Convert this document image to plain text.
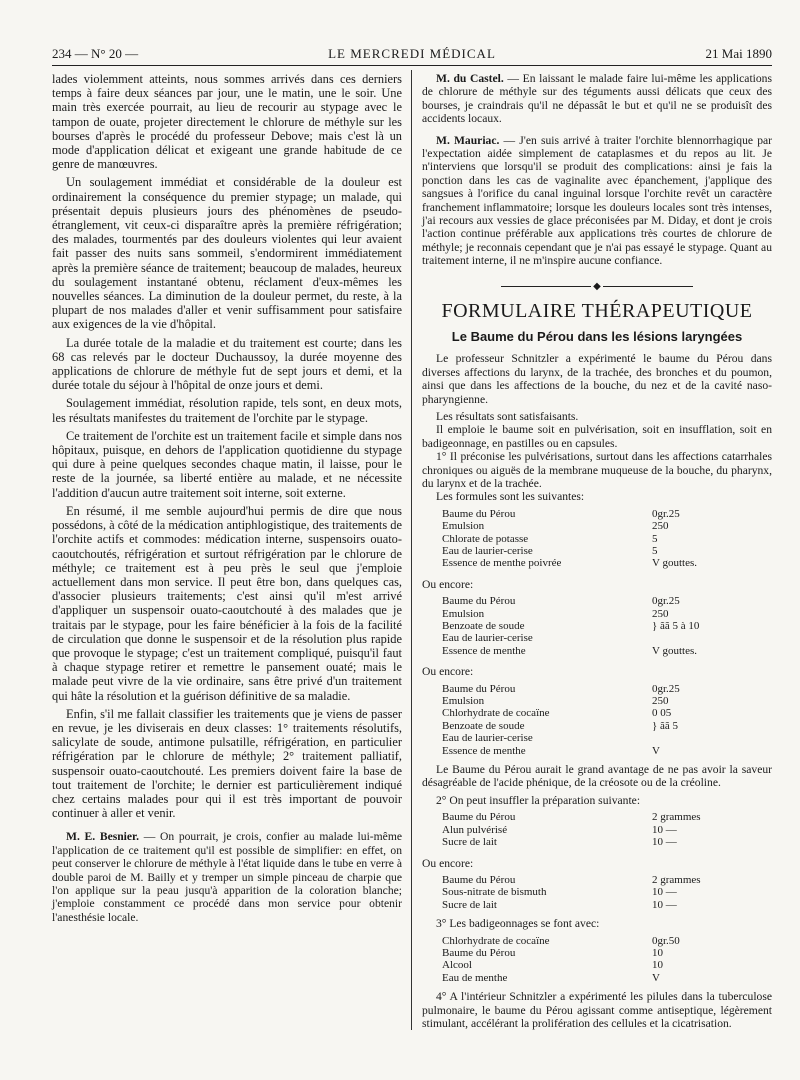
234 — N° 20 —	LE MERCREDI MÉDICAL	21 Mai 1890

lades violemment atteints, nous sommes arrivés dans ces derniers temps à faire deux séances par jour, une le matin, une le soir. Une main très exercée pourrait, au lieu de recourir au stypage avec le tampon de ouate, projeter directement le chlorure de méthyle sur les bourses d'après le procédé du professeur Debove; mais c'est là un mode d'application délicat et exigeant une grande habitude de ce genre de manœuvres.

Un soulagement immédiat et considérable de la douleur est ordinairement la conséquence du premier stypage; un malade, qui présentait depuis plusieurs jours des phénomènes de pseudo-étranglement, vit ceux-ci disparaître après la première réfrigération; des malades, tourmentés par des douleurs violentes qui leur avaient fait passer des nuits sans sommeil, s'endormirent immédiatement après la première séance de traitement; beaucoup de malades, heureux du soulagement instantané obtenu, réclament d'eux-mêmes les nouvelles séances. La diminution de la douleur permet, du reste, à la plupart de nos malades d'aller et venir suffisamment pour satisfaire aux exigences de la vie d'hôpital.

La durée totale de la maladie et du traitement est courte; dans les 68 cas relevés par le docteur Duchaussoy, la durée moyenne des applications de chlorure de méthyle fut de sept jours et demi, et la durée totale du séjour à l'hôpital de onze jours et demi.

Soulagement immédiat, résolution rapide, tels sont, en deux mots, les résultats manifestes du traitement de l'orchite par le stypage.

Ce traitement de l'orchite est un traitement facile et simple dans nos hôpitaux, puisque, en dehors de l'application quotidienne du stypage qui dure à peine quelques secondes chaque matin, il laisse, pour le reste de la journée, sa liberté entière au malade, et ne nécessite l'addition d'aucun autre traitement soit interne, soit externe.

En résumé, il me semble aujourd'hui permis de dire que nous possédons, à côté de la médication antiphlogistique, des traitements de l'orchite actifs et commodes: médication interne, suspensoirs ouato-caoutchoutés, réfrigération et surtout réfrigération par le chlorure de méthyle; ce traitement est à peu près le seul que j'emploie actuellement dans mon service. Il peut être bon, dans quelques cas, d'associer plusieurs traitements; c'est ainsi qu'il m'est arrivé d'appliquer un suspensoir ouato-caoutchouté à des malades que je traitais par le stypage, pour les faire bénéficier à la fois de la facilité de circulation que donne le suspensoir et de la résolution plus rapide que provoque le stypage; c'est un traitement compliqué, puisqu'il faut à chaque stypage retirer et remettre le pansement ouaté; mais le malade peut vivre de la vie ordinaire, sans être privé d'un traitement qui hâte la résolution et la guérison définitive de sa maladie.

Enfin, s'il me fallait classifier les traitements que je viens de passer en revue, je les diviserais en deux classes: 1° traitements résolutifs, salicylate de soude, antimone pulsatille, réfrigération, en particulier réfrigération par le chlorure de méthyle; 2° traitement palliatif, suspensoir ouato-caoutchouté. Les premiers doivent faire la base de tout traitement de l'orchite; le dernier est particulièrement indiqué chez certains malades pour qui il est très important de pouvoir continuer à aller et venir.

M. E. Besnier. — On pourrait, je crois, confier au malade lui-même l'application de ce traitement qu'il est possible de simplifier: en effet, on peut conserver le chlorure de méthyle à l'état liquide dans le tube en verre à double paroi de M. Bailly et y tremper un simple pinceau de charpie que l'on applique sur la peau jusqu'à apparition de la coloration blanche; j'emploie constamment ce procédé dans mon service pour obtenir l'anesthésie locale.

M. du Castel. — En laissant le malade faire lui-même les applications de chlorure de méthyle sur des téguments aussi délicats que ceux des bourses, je craindrais qu'il ne dépassât le but et qu'il ne se produisît des accidents locaux.

M. Mauriac. — J'en suis arrivé à traiter l'orchite blennorrhagique par l'expectation aidée simplement de cataplasmes et du repos au lit. Je n'interviens que lorsqu'il se produit des complications: ainsi je fais la ponction dans les cas de vaginalite avec épanchement, j'applique des sangsues à l'orifice du canal inguinal lorsque l'orchite revêt un caractère franchement inflammatoire; lorsque les douleurs locales sont très intenses, j'ai recours aux vessies de glace préconisées par M. Diday, et dont je crois l'action continue préférable aux applications très courtes de chlorure de méthyle; je reconnais cependant que je n'ai pas essayé le stypage. Quant au traitement interne, il ne m'inspire aucune confiance.

◆
FORMULAIRE THÉRAPEUTIQUE
Le Baume du Pérou dans les lésions laryngées

Le professeur Schnitzler a expérimenté le baume du Pérou dans diverses affections du larynx, de la trachée, des bronches et du poumon, ainsi que dans les affections de la bouche, du nez et de la cavité naso-pharyngienne.

Les résultats sont satisfaisants.

Il emploie le baume soit en pulvérisation, soit en insufflation, soit en badigeonnage, en pastilles ou en capsules.

1° Il préconise les pulvérisations, surtout dans les affections catarrhales chroniques ou aiguës de la membrane muqueuse de la bouche, du pharynx, du larynx et de la trachée.

Les formules sont les suivantes:

Baume du Pérou	0gr.25
Emulsion	250
Chlorate de potasse	5
Eau de laurier-cerise	5
Essence de menthe poivrée	V gouttes.

Ou encore:

Baume du Pérou	0gr.25
Emulsion	250
Benzoate de soude	} ãã 5 à 10
Eau de laurier-cerise	
Essence de menthe	V gouttes.

Ou encore:

Baume du Pérou	0gr.25
Emulsion	250
Chlorhydrate de cocaïne	0 05
Benzoate de soude	} ãã 5
Eau de laurier-cerise	
Essence de menthe	V

Le Baume du Pérou aurait le grand avantage de ne pas avoir la saveur désagréable de l'acide phénique, de la créosote ou de la créoline.

2° On peut insuffler la préparation suivante:

Baume du Pérou	2 grammes
Alun pulvérisé	10 —
Sucre de lait	10 —

Ou encore:

Baume du Pérou	2 grammes
Sous-nitrate de bismuth	10 —
Sucre de lait	10 —

3° Les badigeonnages se font avec:

Chlorhydrate de cocaïne	0gr.50
Baume du Pérou	10
Alcool	10
Eau de menthe	V

4° A l'intérieur Schnitzler a expérimenté les pilules dans la tuberculose pulmonaire, le baume du Pérou agissant comme antiseptique, légèrement stimulant, accélérant la prolifération des cellules et la cicatrisation.
